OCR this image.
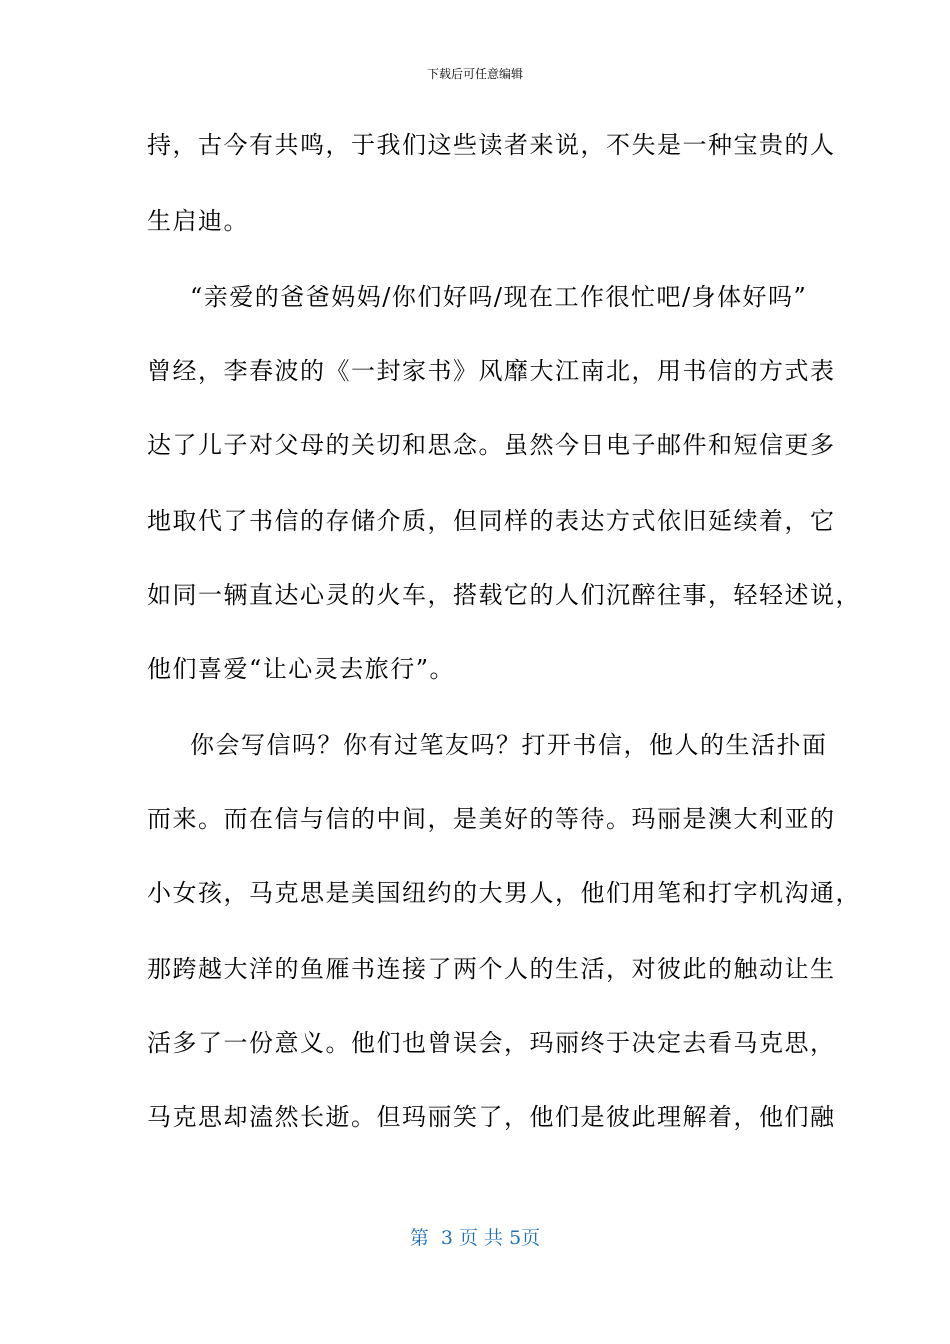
下载后可任意编辑
持，古今有共鸣，于我们这些读者来说，不失是一种宝贵的人
生启迪。
“亲爱的爸爸妈妈/你们好吗/现在工作很忙吧/身体好吗”
曾经，李春波的《一封家书》风靡大江南北，用书信的方式表
达了儿子对父母的关切和思念。虽然今日电子邮件和短信更多
地取代了书信的存储介质，但同样的表达方式依旧延续着，它
如同一辆直达心灵的火车，搭载它的人们沉醉往事，轻轻述说，
他们喜爱“让心灵去旅行”。
你会写信吗？你有过笔友吗？打开书信，他人的生活扑面
而来。而在信与信的中间，是美好的等待。玛丽是澳大利亚的
小女孩，马克思是美国纽约的大男人，他们用笔和打字机沟通，
那跨越大洋的鱼雁书连接了两个人的生活，对彼此的触动让生
活多了一份意义。他们也曾误会，玛丽终于决定去看马克思，
马克思却溘然长逝。但玛丽笑了，他们是彼此理解着，他们融
第  3 页 共 5页
